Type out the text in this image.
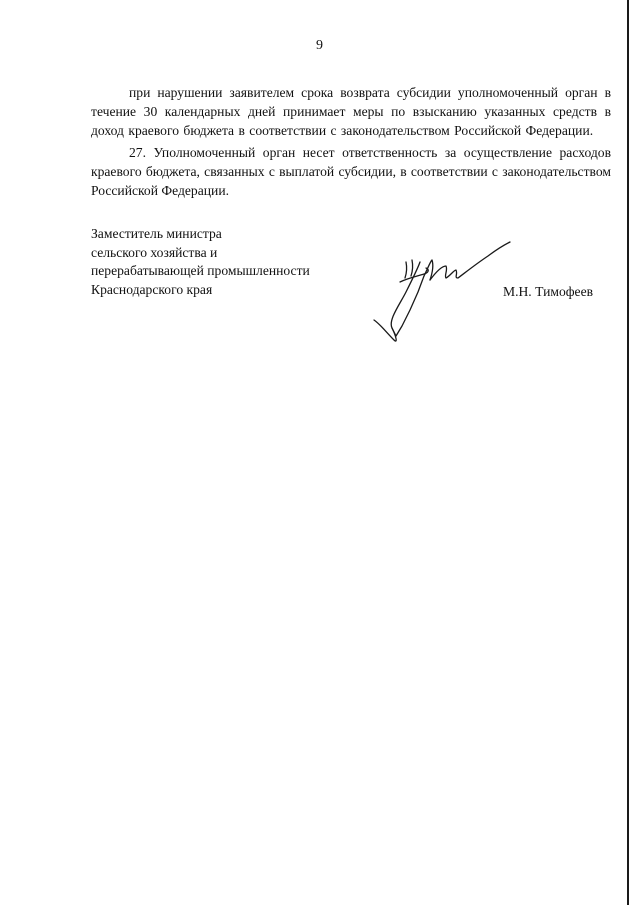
9

при нарушении заявителем срока возврата субсидии уполномоченный орган в течение 30 календарных дней принимает меры по взысканию указанных средств в доход краевого бюджета в соответствии с законодательством Российской Федерации.

27. Уполномоченный орган несет ответственность за осуществление расходов краевого бюджета, связанных с выплатой субсидии, в соответствии с законодательством Российской Федерации.

Заместитель министра
сельского хозяйства и
перерабатывающей промышленности
Краснодарского края	М.Н. Тимофеев
